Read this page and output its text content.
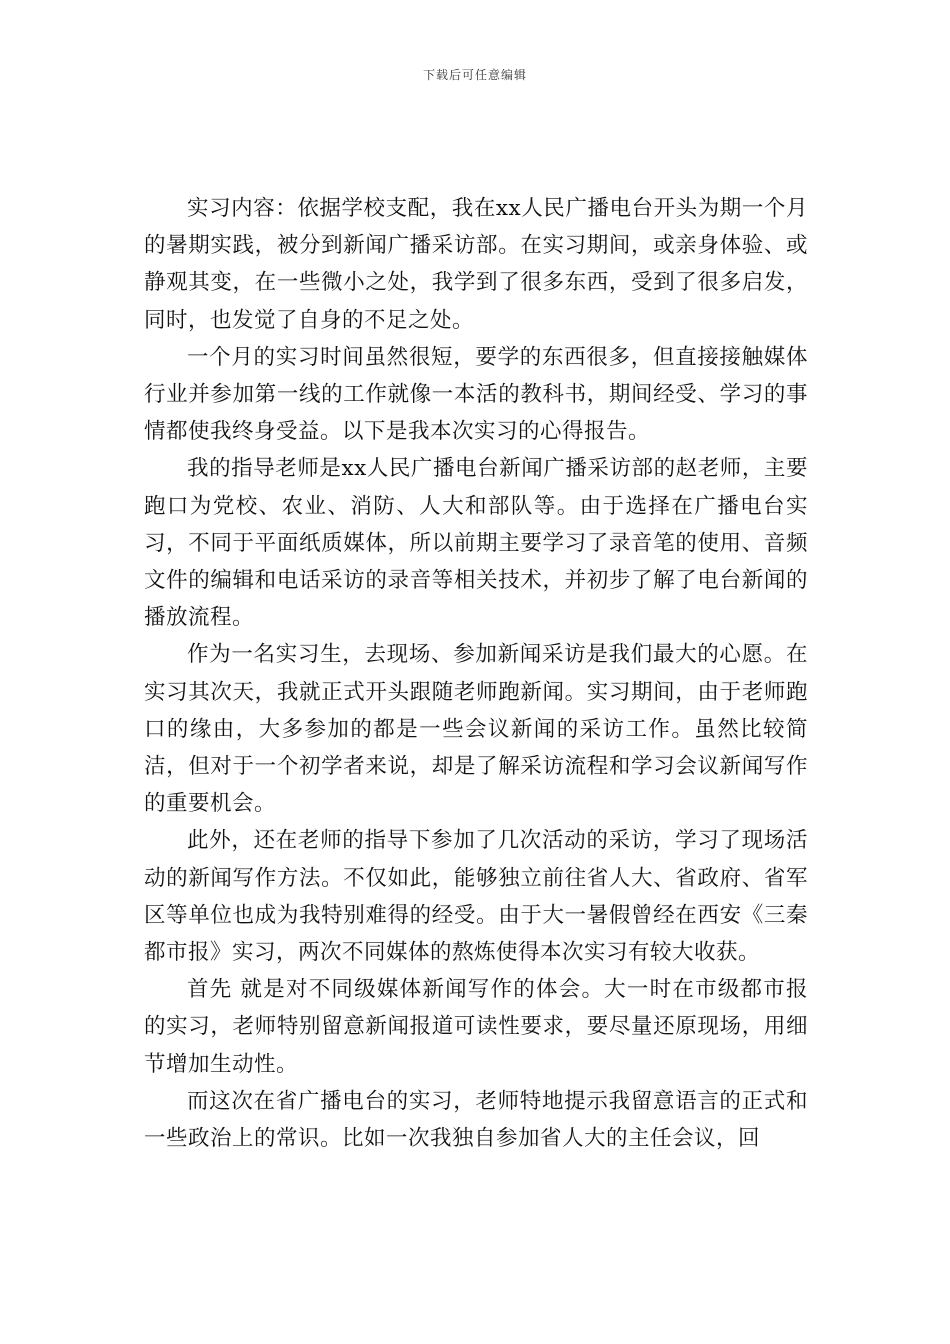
下载后可任意编辑

实习内容：依据学校支配，我在xx人民广播电台开头为期一个月的暑期实践，被分到新闻广播采访部。在实习期间，或亲身体验、或静观其变，在一些微小之处，我学到了很多东西，受到了很多启发，同时，也发觉了自身的不足之处。

一个月的实习时间虽然很短，要学的东西很多，但直接接触媒体行业并参加第一线的工作就像一本活的教科书，期间经受、学习的事情都使我终身受益。以下是我本次实习的心得报告。

我的指导老师是xx人民广播电台新闻广播采访部的赵老师，主要跑口为党校、农业、消防、人大和部队等。由于选择在广播电台实习，不同于平面纸质媒体，所以前期主要学习了录音笔的使用、音频文件的编辑和电话采访的录音等相关技术，并初步了解了电台新闻的播放流程。

作为一名实习生，去现场、参加新闻采访是我们最大的心愿。在实习其次天，我就正式开头跟随老师跑新闻。实习期间，由于老师跑口的缘由，大多参加的都是一些会议新闻的采访工作。虽然比较简洁，但对于一个初学者来说，却是了解采访流程和学习会议新闻写作的重要机会。

此外，还在老师的指导下参加了几次活动的采访，学习了现场活动的新闻写作方法。不仅如此，能够独立前往省人大、省政府、省军区等单位也成为我特别难得的经受。由于大一暑假曾经在西安《三秦都市报》实习，两次不同媒体的熬炼使得本次实习有较大收获。

首先 就是对不同级媒体新闻写作的体会。大一时在市级都市报的实习，老师特别留意新闻报道可读性要求，要尽量还原现场，用细节增加生动性。

而这次在省广播电台的实习，老师特地提示我留意语言的正式和一些政治上的常识。比如一次我独自参加省人大的主任会议，回
